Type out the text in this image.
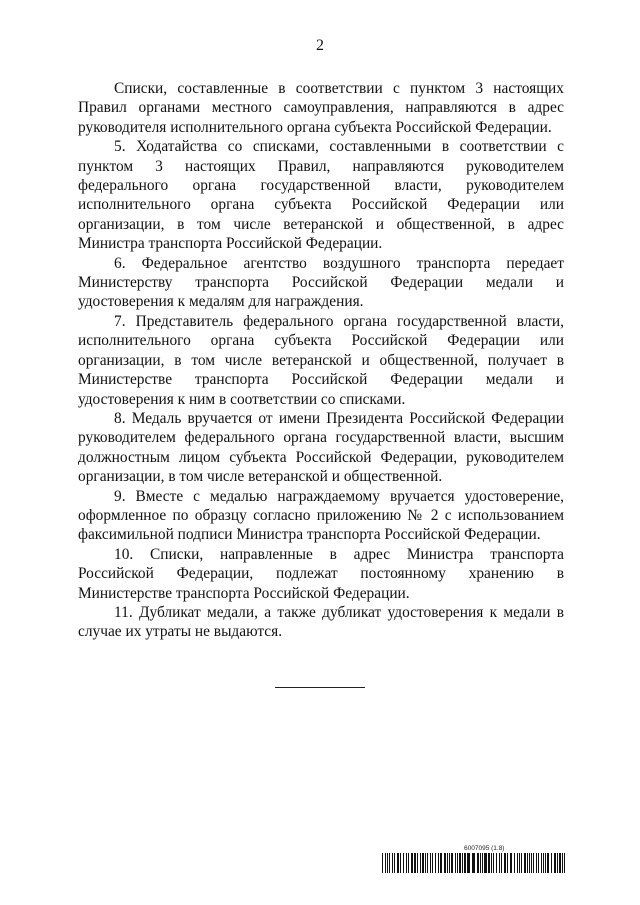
2

Списки, составленные в соответствии с пунктом 3 настоящих Правил органами местного самоуправления, направляются в адрес руководителя исполнительного органа субъекта Российской Федерации.

5. Ходатайства со списками, составленными в соответствии с пунктом 3 настоящих Правил, направляются руководителем федерального органа государственной власти, руководителем исполнительного органа субъекта Российской Федерации или организации, в том числе ветеранской и общественной, в адрес Министра транспорта Российской Федерации.

6. Федеральное агентство воздушного транспорта передает Министерству транспорта Российской Федерации медали и удостоверения к медалям для награждения.

7. Представитель федерального органа государственной власти, исполнительного органа субъекта Российской Федерации или организации, в том числе ветеранской и общественной, получает в Министерстве транспорта Российской Федерации медали и удостоверения к ним в соответствии со списками.

8. Медаль вручается от имени Президента Российской Федерации руководителем федерального органа государственной власти, высшим должностным лицом субъекта Российской Федерации, руководителем организации, в том числе ветеранской и общественной.

9. Вместе с медалью награждаемому вручается удостоверение, оформленное по образцу согласно приложению № 2 с использованием факсимильной подписи Министра транспорта Российской Федерации.

10. Списки, направленные в адрес Министра транспорта Российской Федерации, подлежат постоянному хранению в Министерстве транспорта Российской Федерации.

11. Дубликат медали, а также дубликат удостоверения к медали в случае их утраты не выдаются.

6007095 (1.8)
